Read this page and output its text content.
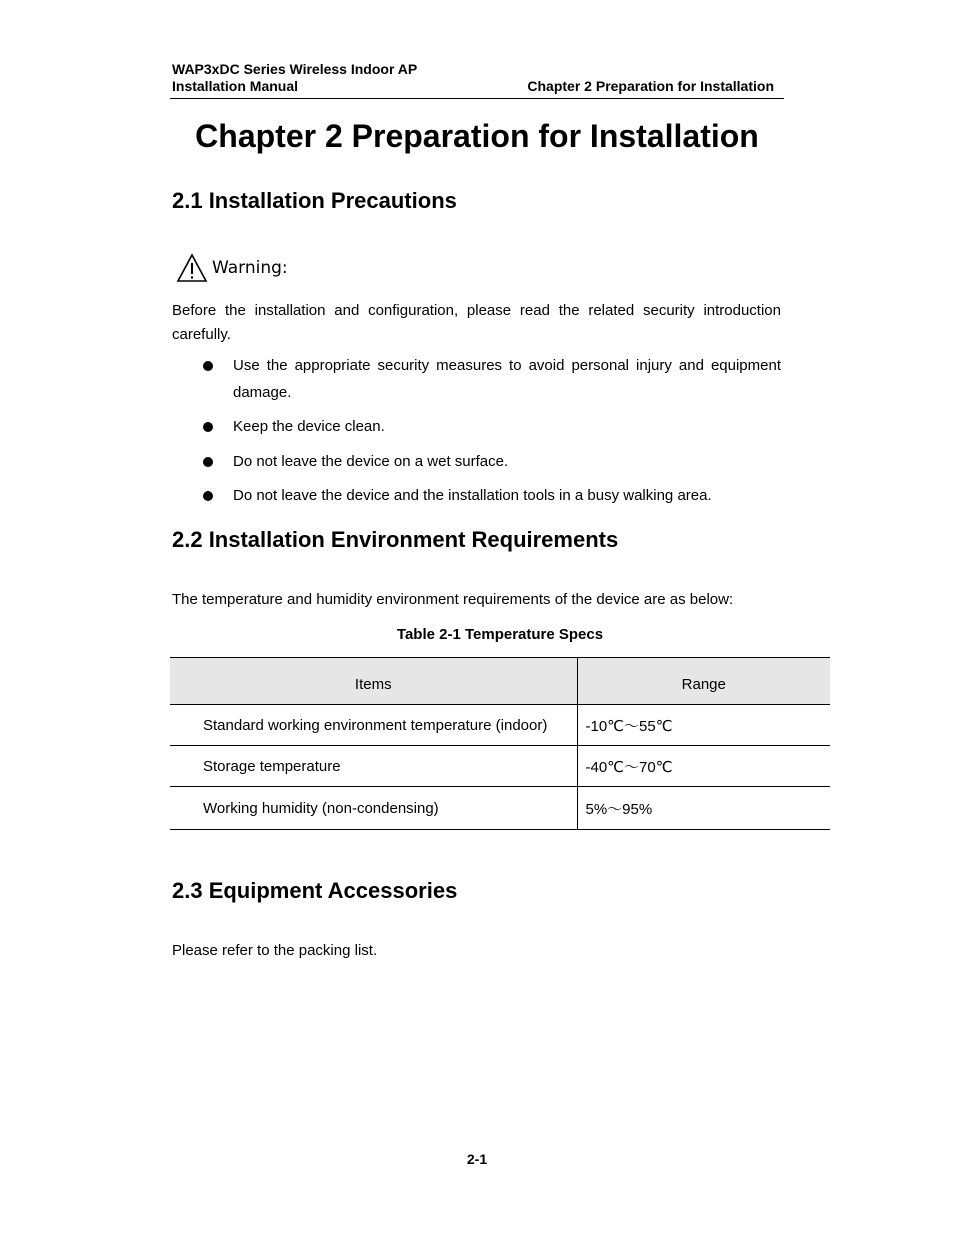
WAP3xDC Series Wireless Indoor AP
Installation Manual	Chapter 2 Preparation for Installation
Chapter 2 Preparation for Installation
2.1 Installation Precautions
Warning:
Before the installation and configuration, please read the related security introduction
carefully.
Use the appropriate security measures to avoid personal injury and equipment
damage.
Keep the device clean.
Do not leave the device on a wet surface.
Do not leave the device and the installation tools in a busy walking area.
2.2 Installation Environment Requirements
The temperature and humidity environment requirements of the device are as below:
Table 2-1 Temperature Specs
Items	Range
Standard working environment temperature (indoor)	-10℃～55℃
Storage temperature	-40℃～70℃
Working humidity (non-condensing)	5%～95%
2.3 Equipment Accessories
Please refer to the packing list.
2-1
